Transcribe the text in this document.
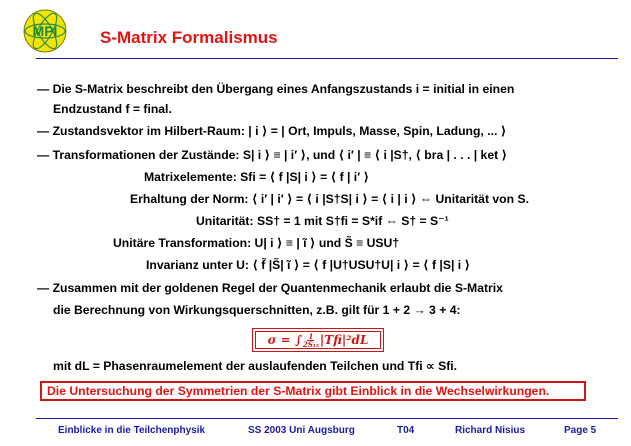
MPI	S-Matrix Formalismus
— Die S-Matrix beschreibt den Übergang eines Anfangszustands i = initial in einen
Endzustand f = final.
— Zustandsvektor im Hilbert-Raum: | i ⟩ = | Ort, Impuls, Masse, Spin, Ladung, ... ⟩
— Transformationen der Zustände: S| i ⟩ ≡ | i′ ⟩, und ⟨ i′ | ≡ ⟨ i |S†, ⟨ bra | . . . | ket ⟩
Matrixelemente: Sfi = ⟨ f |S| i ⟩ = ⟨ f | i′ ⟩
Erhaltung der Norm: ⟨ i′ | i′ ⟩ = ⟨ i |S†S| i ⟩ = ⟨ i | i ⟩ ⇔ Unitarität von S.
Unitarität: SS† = 1 mit S†fi = S*if ⇔ S† = S⁻¹
Unitäre Transformation: U| i ⟩ ≡ | ĩ ⟩ und S̃ ≡ USU†
Invarianz unter U: ⟨ f̃ |S̃| ĩ ⟩ = ⟨ f |U†USU†U| i ⟩ = ⟨ f |S| i ⟩
— Zusammen mit der goldenen Regel der Quantenmechanik erlaubt die S-Matrix
die Berechnung von Wirkungsquerschnitten, z.B. gilt für 1 + 2 → 3 + 4:
σ = ∫ $\frac{1}{\text{2S₁₂}} |Tfi|^2dL$
mit dL = Phasenraumelement der auslaufenden Teilchen und Tfi ∝ Sfi.
Die Untersuchung der Symmetrien der S-Matrix gibt Einblick in die Wechselwirkungen.
Einblicke in die Teilchenphysik	SS 2003 Uni Augsburg	T04	Richard Nisius	Page 5
